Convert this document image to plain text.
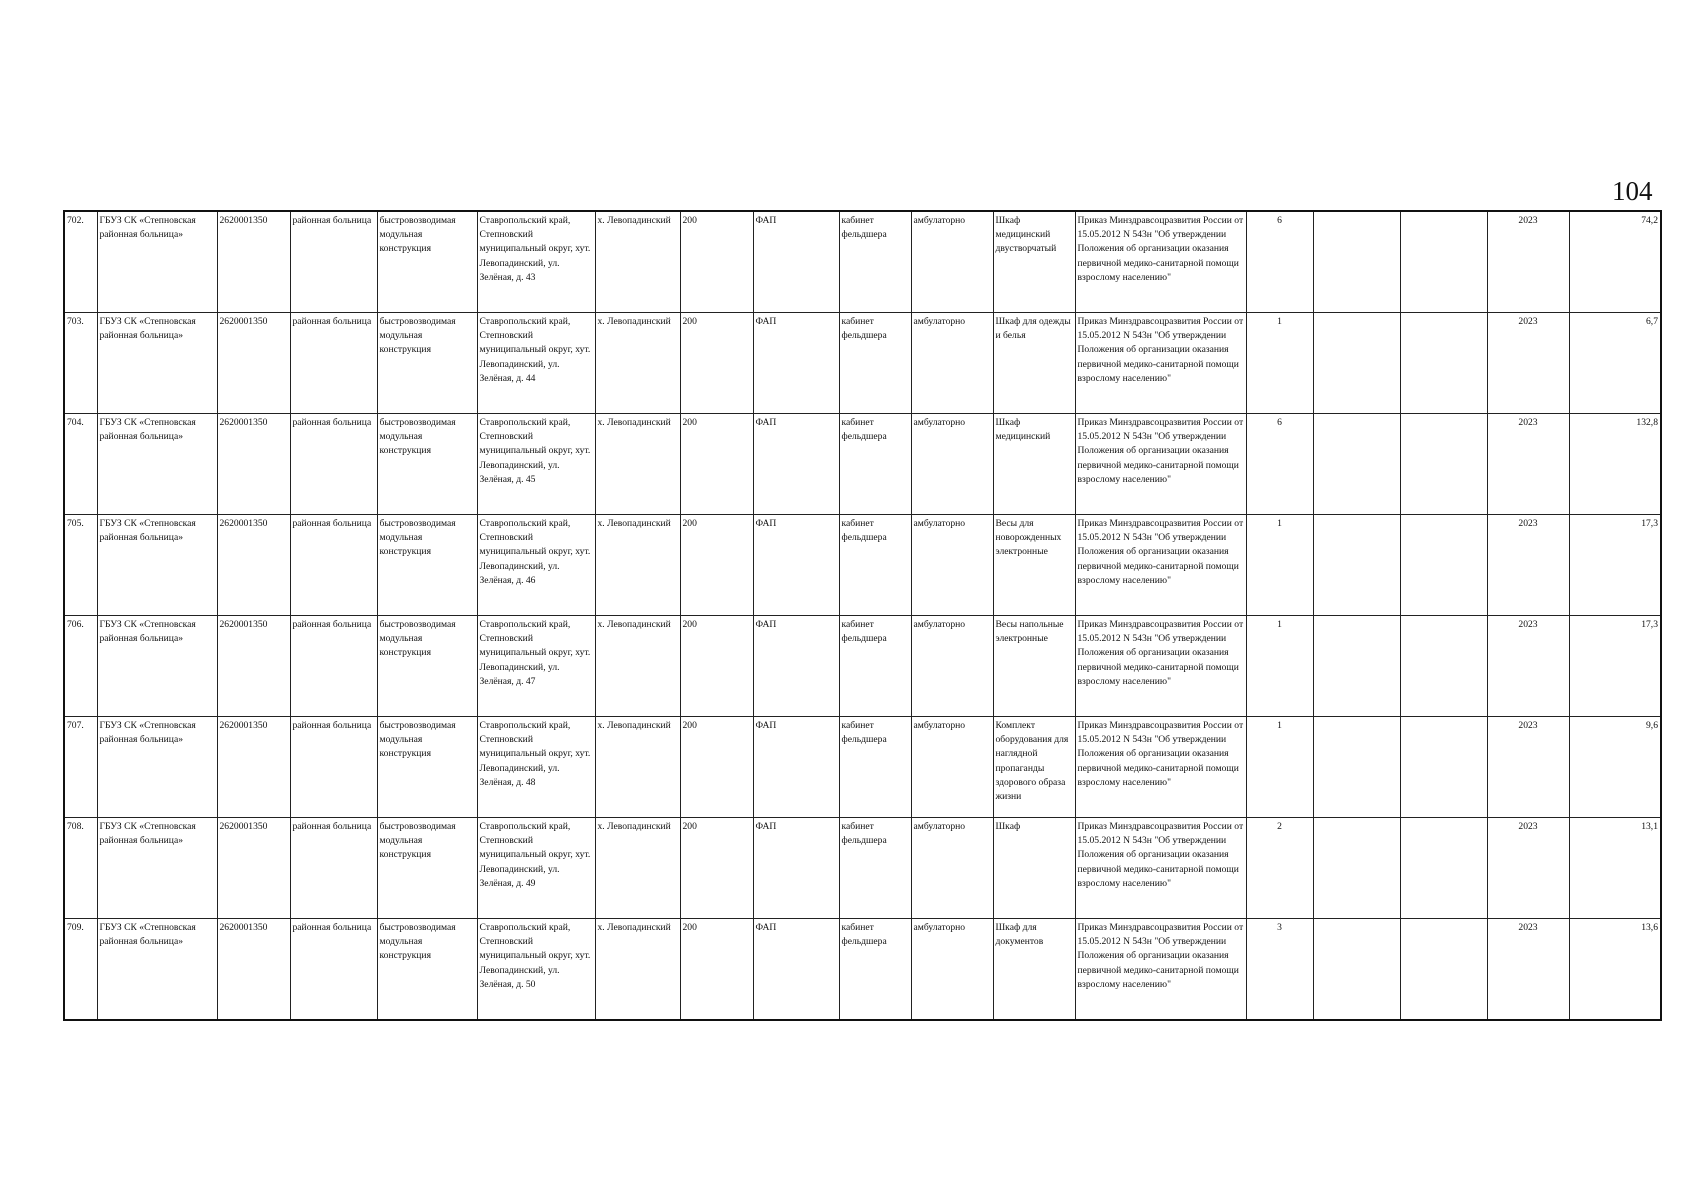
104
702.	ГБУЗ СК «Степновская районная больница»	2620001350	районная больница	быстровозводимая модульная конструкция	Ставропольский край, Степновский муниципальный округ, хут. Левопадинский, ул. Зелёная, д. 43	х. Левопадинский	200	ФАП	кабинет фельдшера	амбулаторно	Шкаф медицинский двустворчатый	Приказ Минздравсоцразвития России от 15.05.2012 N 543н "Об утверждении Положения об организации оказания первичной медико-санитарной помощи взрослому населению"	6			2023	74,2
703.	ГБУЗ СК «Степновская районная больница»	2620001350	районная больница	быстровозводимая модульная конструкция	Ставропольский край, Степновский муниципальный округ, хут. Левопадинский, ул. Зелёная, д. 44	х. Левопадинский	200	ФАП	кабинет фельдшера	амбулаторно	Шкаф для одежды и белья	Приказ Минздравсоцразвития России от 15.05.2012 N 543н "Об утверждении Положения об организации оказания первичной медико-санитарной помощи взрослому населению"	1			2023	6,7
704.	ГБУЗ СК «Степновская районная больница»	2620001350	районная больница	быстровозводимая модульная конструкция	Ставропольский край, Степновский муниципальный округ, хут. Левопадинский, ул. Зелёная, д. 45	х. Левопадинский	200	ФАП	кабинет фельдшера	амбулаторно	Шкаф медицинский	Приказ Минздравсоцразвития России от 15.05.2012 N 543н "Об утверждении Положения об организации оказания первичной медико-санитарной помощи взрослому населению"	6			2023	132,8
705.	ГБУЗ СК «Степновская районная больница»	2620001350	районная больница	быстровозводимая модульная конструкция	Ставропольский край, Степновский муниципальный округ, хут. Левопадинский, ул. Зелёная, д. 46	х. Левопадинский	200	ФАП	кабинет фельдшера	амбулаторно	Весы для новорожденных электронные	Приказ Минздравсоцразвития России от 15.05.2012 N 543н "Об утверждении Положения об организации оказания первичной медико-санитарной помощи взрослому населению"	1			2023	17,3
706.	ГБУЗ СК «Степновская районная больница»	2620001350	районная больница	быстровозводимая модульная конструкция	Ставропольский край, Степновский муниципальный округ, хут. Левопадинский, ул. Зелёная, д. 47	х. Левопадинский	200	ФАП	кабинет фельдшера	амбулаторно	Весы напольные электронные	Приказ Минздравсоцразвития России от 15.05.2012 N 543н "Об утверждении Положения об организации оказания первичной медико-санитарной помощи взрослому населению"	1			2023	17,3
707.	ГБУЗ СК «Степновская районная больница»	2620001350	районная больница	быстровозводимая модульная конструкция	Ставропольский край, Степновский муниципальный округ, хут. Левопадинский, ул. Зелёная, д. 48	х. Левопадинский	200	ФАП	кабинет фельдшера	амбулаторно	Комплект оборудования для наглядной пропаганды здорового образа жизни	Приказ Минздравсоцразвития России от 15.05.2012 N 543н "Об утверждении Положения об организации оказания первичной медико-санитарной помощи взрослому населению"	1			2023	9,6
708.	ГБУЗ СК «Степновская районная больница»	2620001350	районная больница	быстровозводимая модульная конструкция	Ставропольский край, Степновский муниципальный округ, хут. Левопадинский, ул. Зелёная, д. 49	х. Левопадинский	200	ФАП	кабинет фельдшера	амбулаторно	Шкаф	Приказ Минздравсоцразвития России от 15.05.2012 N 543н "Об утверждении Положения об организации оказания первичной медико-санитарной помощи взрослому населению"	2			2023	13,1
709.	ГБУЗ СК «Степновская районная больница»	2620001350	районная больница	быстровозводимая модульная конструкция	Ставропольский край, Степновский муниципальный округ, хут. Левопадинский, ул. Зелёная, д. 50	х. Левопадинский	200	ФАП	кабинет фельдшера	амбулаторно	Шкаф для документов	Приказ Минздравсоцразвития России от 15.05.2012 N 543н "Об утверждении Положения об организации оказания первичной медико-санитарной помощи взрослому населению"	3			2023	13,6
